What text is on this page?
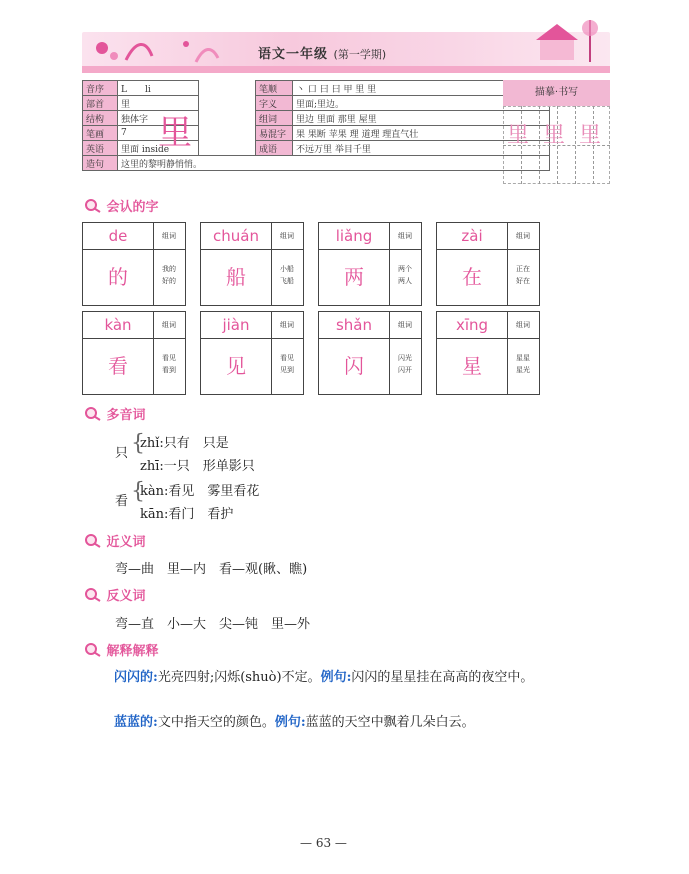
语文一年级 (第一学期)
音序	L　　 li		笔顺	丶 口 曰 曰 甲 里 里
部首	里		字义	里面;里边。
结构	独体字		组词	里边 里面 那里 屋里
笔画	7		易混字	果 果断 苹果 理 道理 理直气壮
英语	里面 inside		成语	不远万里 举目千里
造句	这里的黎明静悄悄。			
里
描摹·书写
里 里 里
会认的字
de	组词
的	我的
好的
chuán	组词
船	小船
飞船
liǎng	组词
两	两个
两人
zài	组词
在	正在
好在
kàn	组词
看	看见
看到
jiàn	组词
见	看见
见到
shǎn	组词
闪	闪光
闪开
xīng	组词
星	星星
星光
多音词
只 {
zhǐ:只有　只是
zhī:一只　形单影只
看 {
kàn:看见　雾里看花
kān:看门　看护
近义词
弯—曲　里—内　看—观(瞅、瞧)
反义词
弯—直　小—大　尖—钝　里—外
解释解释
闪闪的:光亮四射;闪烁(shuò)不定。例句:闪闪的星星挂在高高的夜空中。
蓝蓝的:文中指天空的颜色。例句:蓝蓝的天空中飘着几朵白云。
— 63 —
